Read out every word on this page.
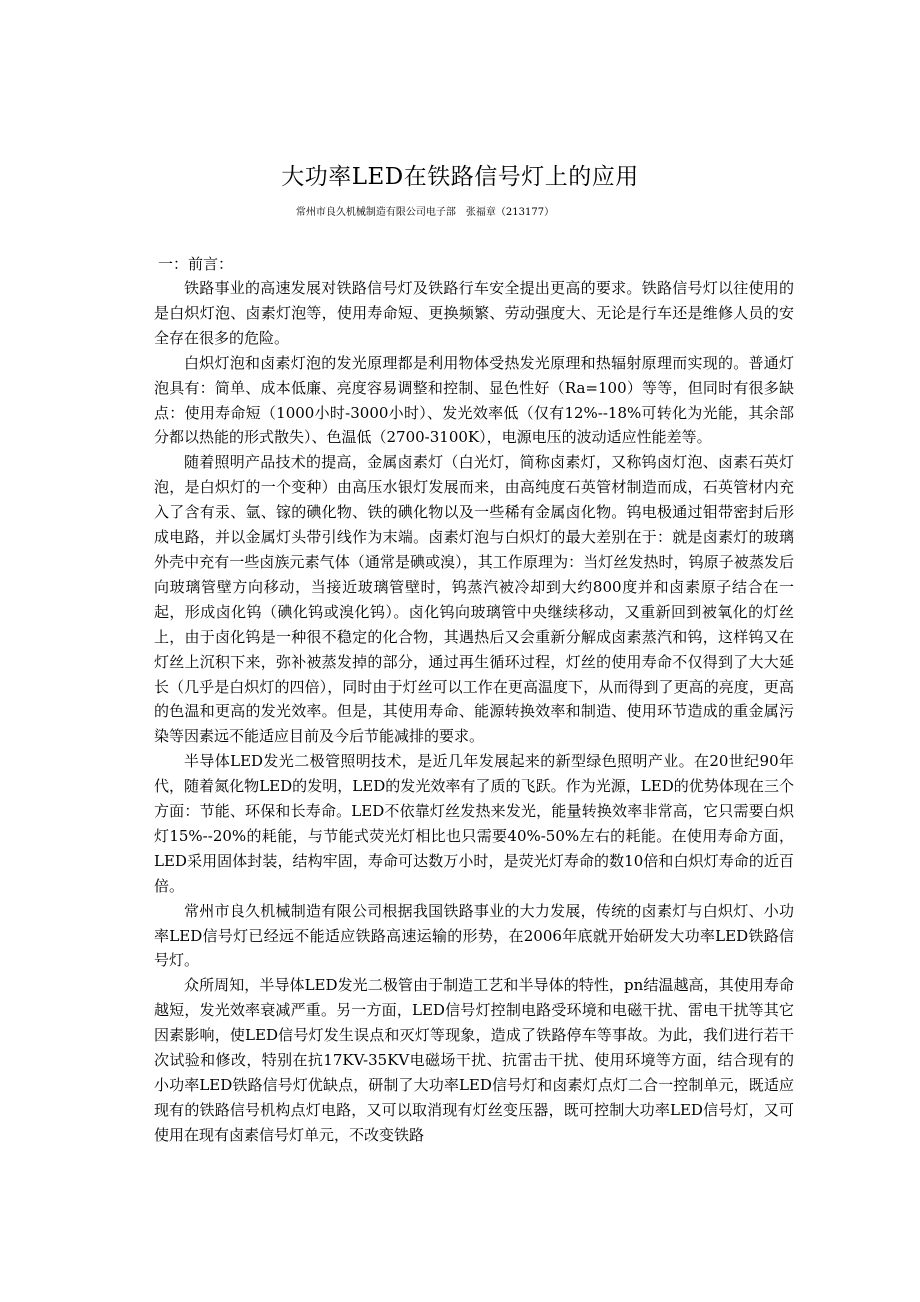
大功率LED在铁路信号灯上的应用
常州市良久机械制造有限公司电子部　张福章（213177）
一：前言：

铁路事业的高速发展对铁路信号灯及铁路行车安全提出更高的要求。铁路信号灯以往使用的是白炽灯泡、卤素灯泡等，使用寿命短、更换频繁、劳动强度大、无论是行车还是维修人员的安全存在很多的危险。

白炽灯泡和卤素灯泡的发光原理都是利用物体受热发光原理和热辐射原理而实现的。普通灯泡具有：简单、成本低廉、亮度容易调整和控制、显色性好（Ra=100）等等，但同时有很多缺点：使用寿命短（1000小时-3000小时）、发光效率低（仅有12%--18%可转化为光能，其余部分都以热能的形式散失）、色温低（2700-3100K），电源电压的波动适应性能差等。

随着照明产品技术的提高，金属卤素灯（白光灯，简称卤素灯，又称钨卤灯泡、卤素石英灯泡，是白炽灯的一个变种）由高压水银灯发展而来，由高纯度石英管材制造而成，石英管材内充入了含有汞、氩、镓的碘化物、铁的碘化物以及一些稀有金属卤化物。钨电极通过钼带密封后形成电路，并以金属灯头带引线作为末端。卤素灯泡与白炽灯的最大差别在于：就是卤素灯的玻璃外壳中充有一些卤族元素气体（通常是碘或溴），其工作原理为：当灯丝发热时，钨原子被蒸发后向玻璃管壁方向移动，当接近玻璃管壁时，钨蒸汽被冷却到大约800度并和卤素原子结合在一起，形成卤化钨（碘化钨或溴化钨）。卤化钨向玻璃管中央继续移动，又重新回到被氧化的灯丝上，由于卤化钨是一种很不稳定的化合物，其遇热后又会重新分解成卤素蒸汽和钨，这样钨又在灯丝上沉积下来，弥补被蒸发掉的部分，通过再生循环过程，灯丝的使用寿命不仅得到了大大延长（几乎是白炽灯的四倍），同时由于灯丝可以工作在更高温度下，从而得到了更高的亮度，更高的色温和更高的发光效率。但是，其使用寿命、能源转换效率和制造、使用环节造成的重金属污染等因素远不能适应目前及今后节能减排的要求。

半导体LED发光二极管照明技术，是近几年发展起来的新型绿色照明产业。在20世纪90年代，随着氮化物LED的发明，LED的发光效率有了质的飞跃。作为光源，LED的优势体现在三个方面：节能、环保和长寿命。LED不依靠灯丝发热来发光，能量转换效率非常高，它只需要白炽灯15%--20%的耗能，与节能式荧光灯相比也只需要40%-50%左右的耗能。在使用寿命方面，LED采用固体封装，结构牢固，寿命可达数万小时，是荧光灯寿命的数10倍和白炽灯寿命的近百倍。

常州市良久机械制造有限公司根据我国铁路事业的大力发展，传统的卤素灯与白炽灯、小功率LED信号灯已经远不能适应铁路高速运输的形势，在2006年底就开始研发大功率LED铁路信号灯。

众所周知，半导体LED发光二极管由于制造工艺和半导体的特性，pn结温越高，其使用寿命越短，发光效率衰减严重。另一方面，LED信号灯控制电路受环境和电磁干扰、雷电干扰等其它因素影响，使LED信号灯发生误点和灭灯等现象，造成了铁路停车等事故。为此，我们进行若干次试验和修改，特别在抗17KV-35KV电磁场干扰、抗雷击干扰、使用环境等方面，结合现有的小功率LED铁路信号灯优缺点，研制了大功率LED信号灯和卤素灯点灯二合一控制单元，既适应现有的铁路信号机构点灯电路，又可以取消现有灯丝变压器，既可控制大功率LED信号灯，又可使用在现有卤素信号灯单元，不改变铁路
